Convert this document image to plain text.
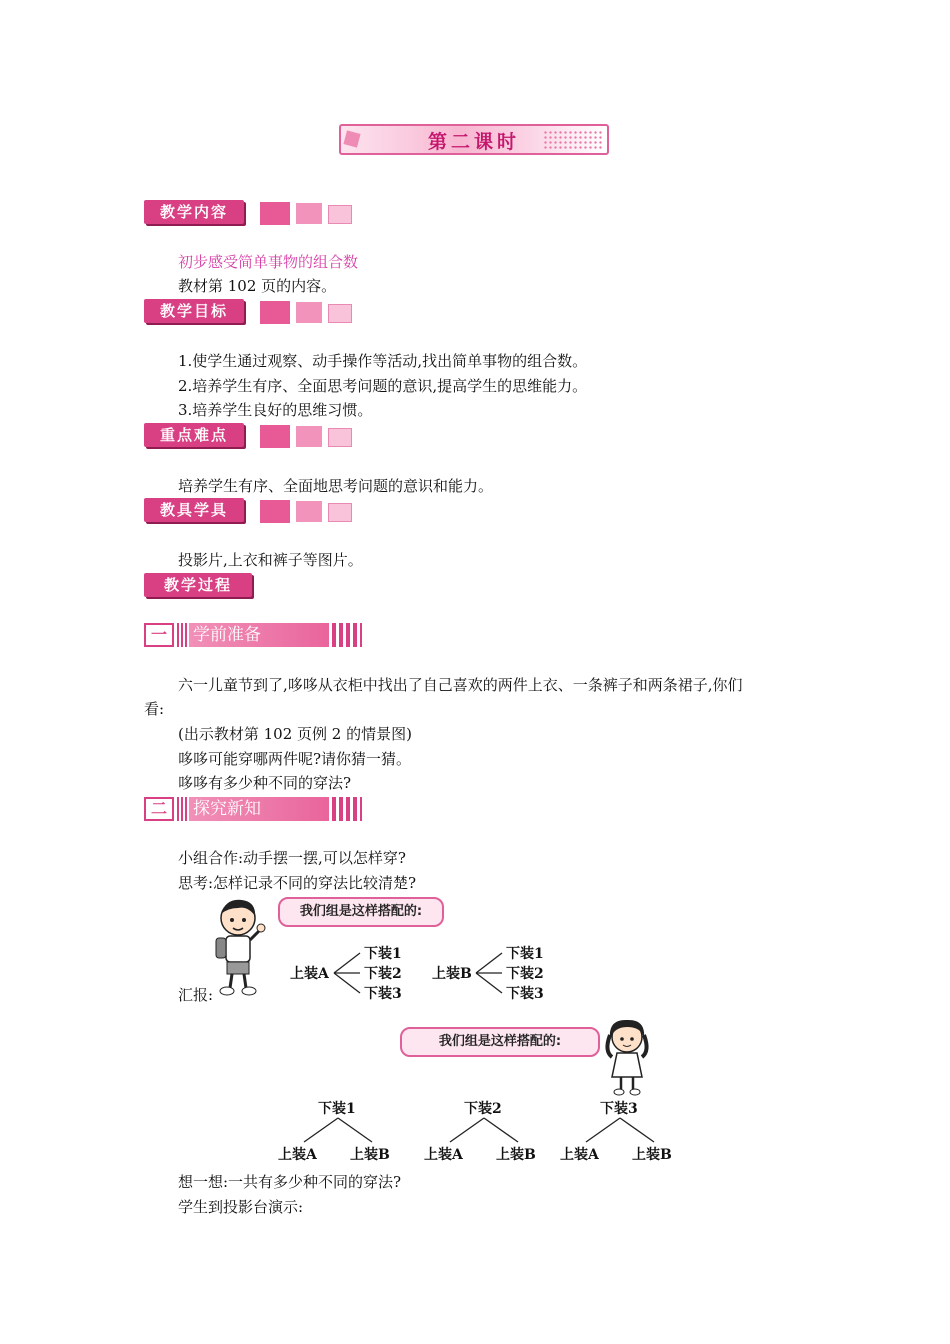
第二课时
教学内容
初步感受简单事物的组合数
教材第 102 页的内容。
教学目标
1.使学生通过观察、动手操作等活动,找出简单事物的组合数。
2.培养学生有序、全面思考问题的意识,提高学生的思维能力。
3.培养学生良好的思维习惯。
重点难点
培养学生有序、全面地思考问题的意识和能力。
教具学具
投影片,上衣和裤子等图片。
教学过程
一	学前准备
六一儿童节到了,哆哆从衣柜中找出了自己喜欢的两件上衣、一条裤子和两条裙子,你们
看:
(出示教材第 102 页例 2 的情景图)
哆哆可能穿哪两件呢?请你猜一猜。
哆哆有多少种不同的穿法?
二	探究新知
小组合作:动手摆一摆,可以怎样穿?
思考:怎样记录不同的穿法比较清楚?
我们组是这样搭配的:
上装A
下装1
下装2
下装3
上装B
下装1
下装2
下装3
汇报:
我们组是这样搭配的:
下装1	下装2	下装3
上装A 上装B 上装A 上装B 上装A 上装B
想一想:一共有多少种不同的穿法?
学生到投影台演示:
